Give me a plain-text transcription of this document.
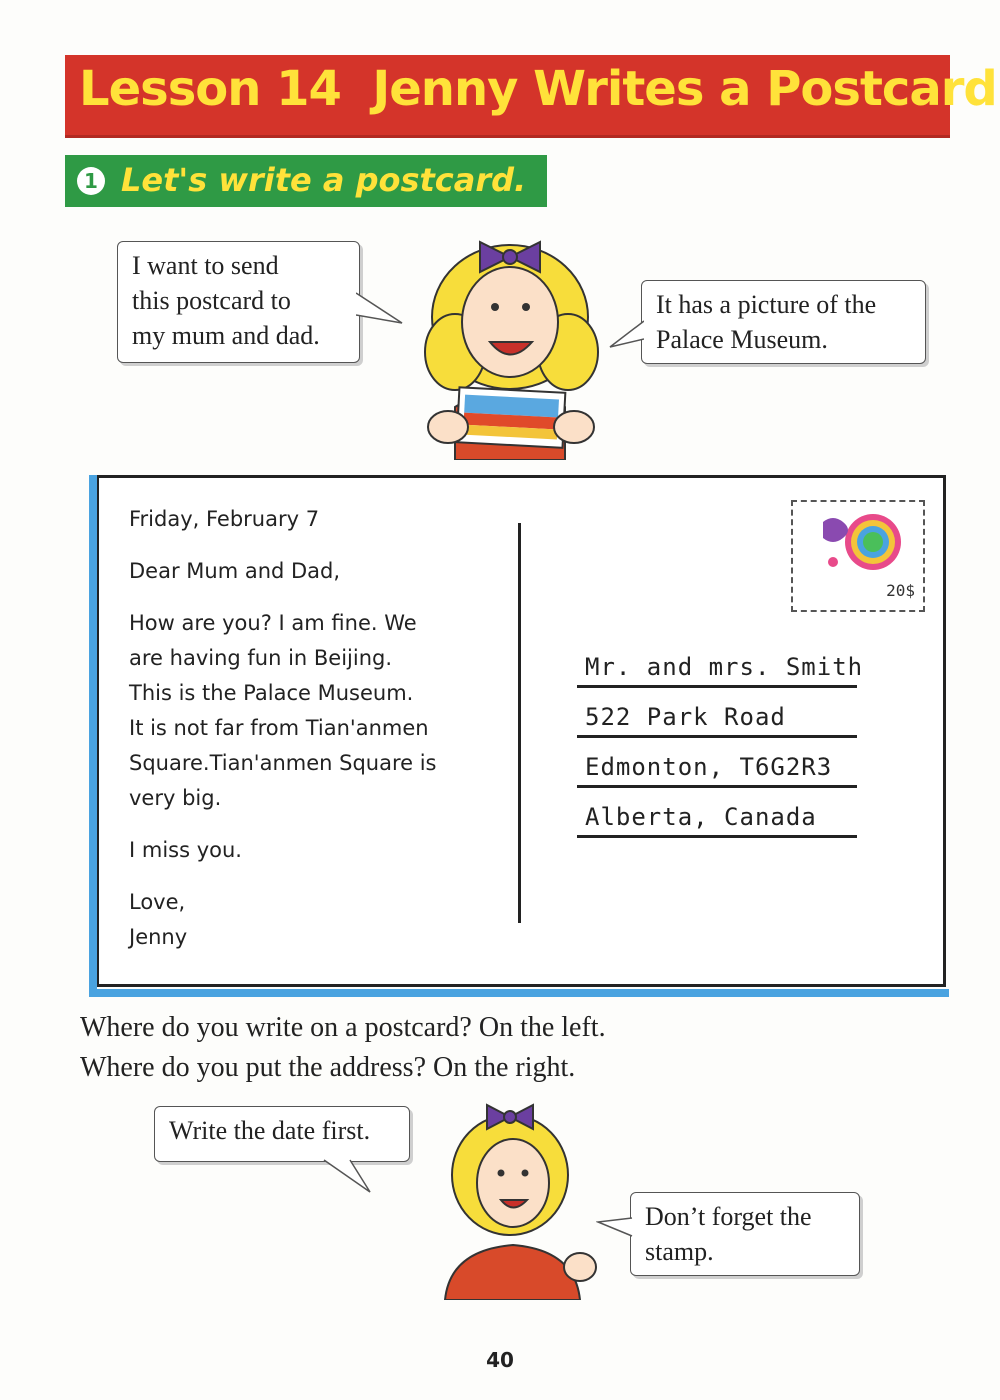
Lesson 14  Jenny Writes a Postcard
1 Let's write a postcard.
I want to send
this postcard to
my mum and dad.
It has a picture of the
Palace Museum.
Friday, February 7
Dear Mum and Dad,
How are you? I am fine. We
are having fun in Beijing.
This is the Palace Museum.
It is not far from Tian'anmen
Square.Tian'anmen Square is
very big.
I miss you.
Love,
Jenny
20$
Mr. and mrs. Smith
522 Park Road
Edmonton, T6G2R3
Alberta, Canada
Where do you write on a postcard? On the left.
Where do you put the address? On the right.
Write the date first.
Don’t forget the
stamp.
40
